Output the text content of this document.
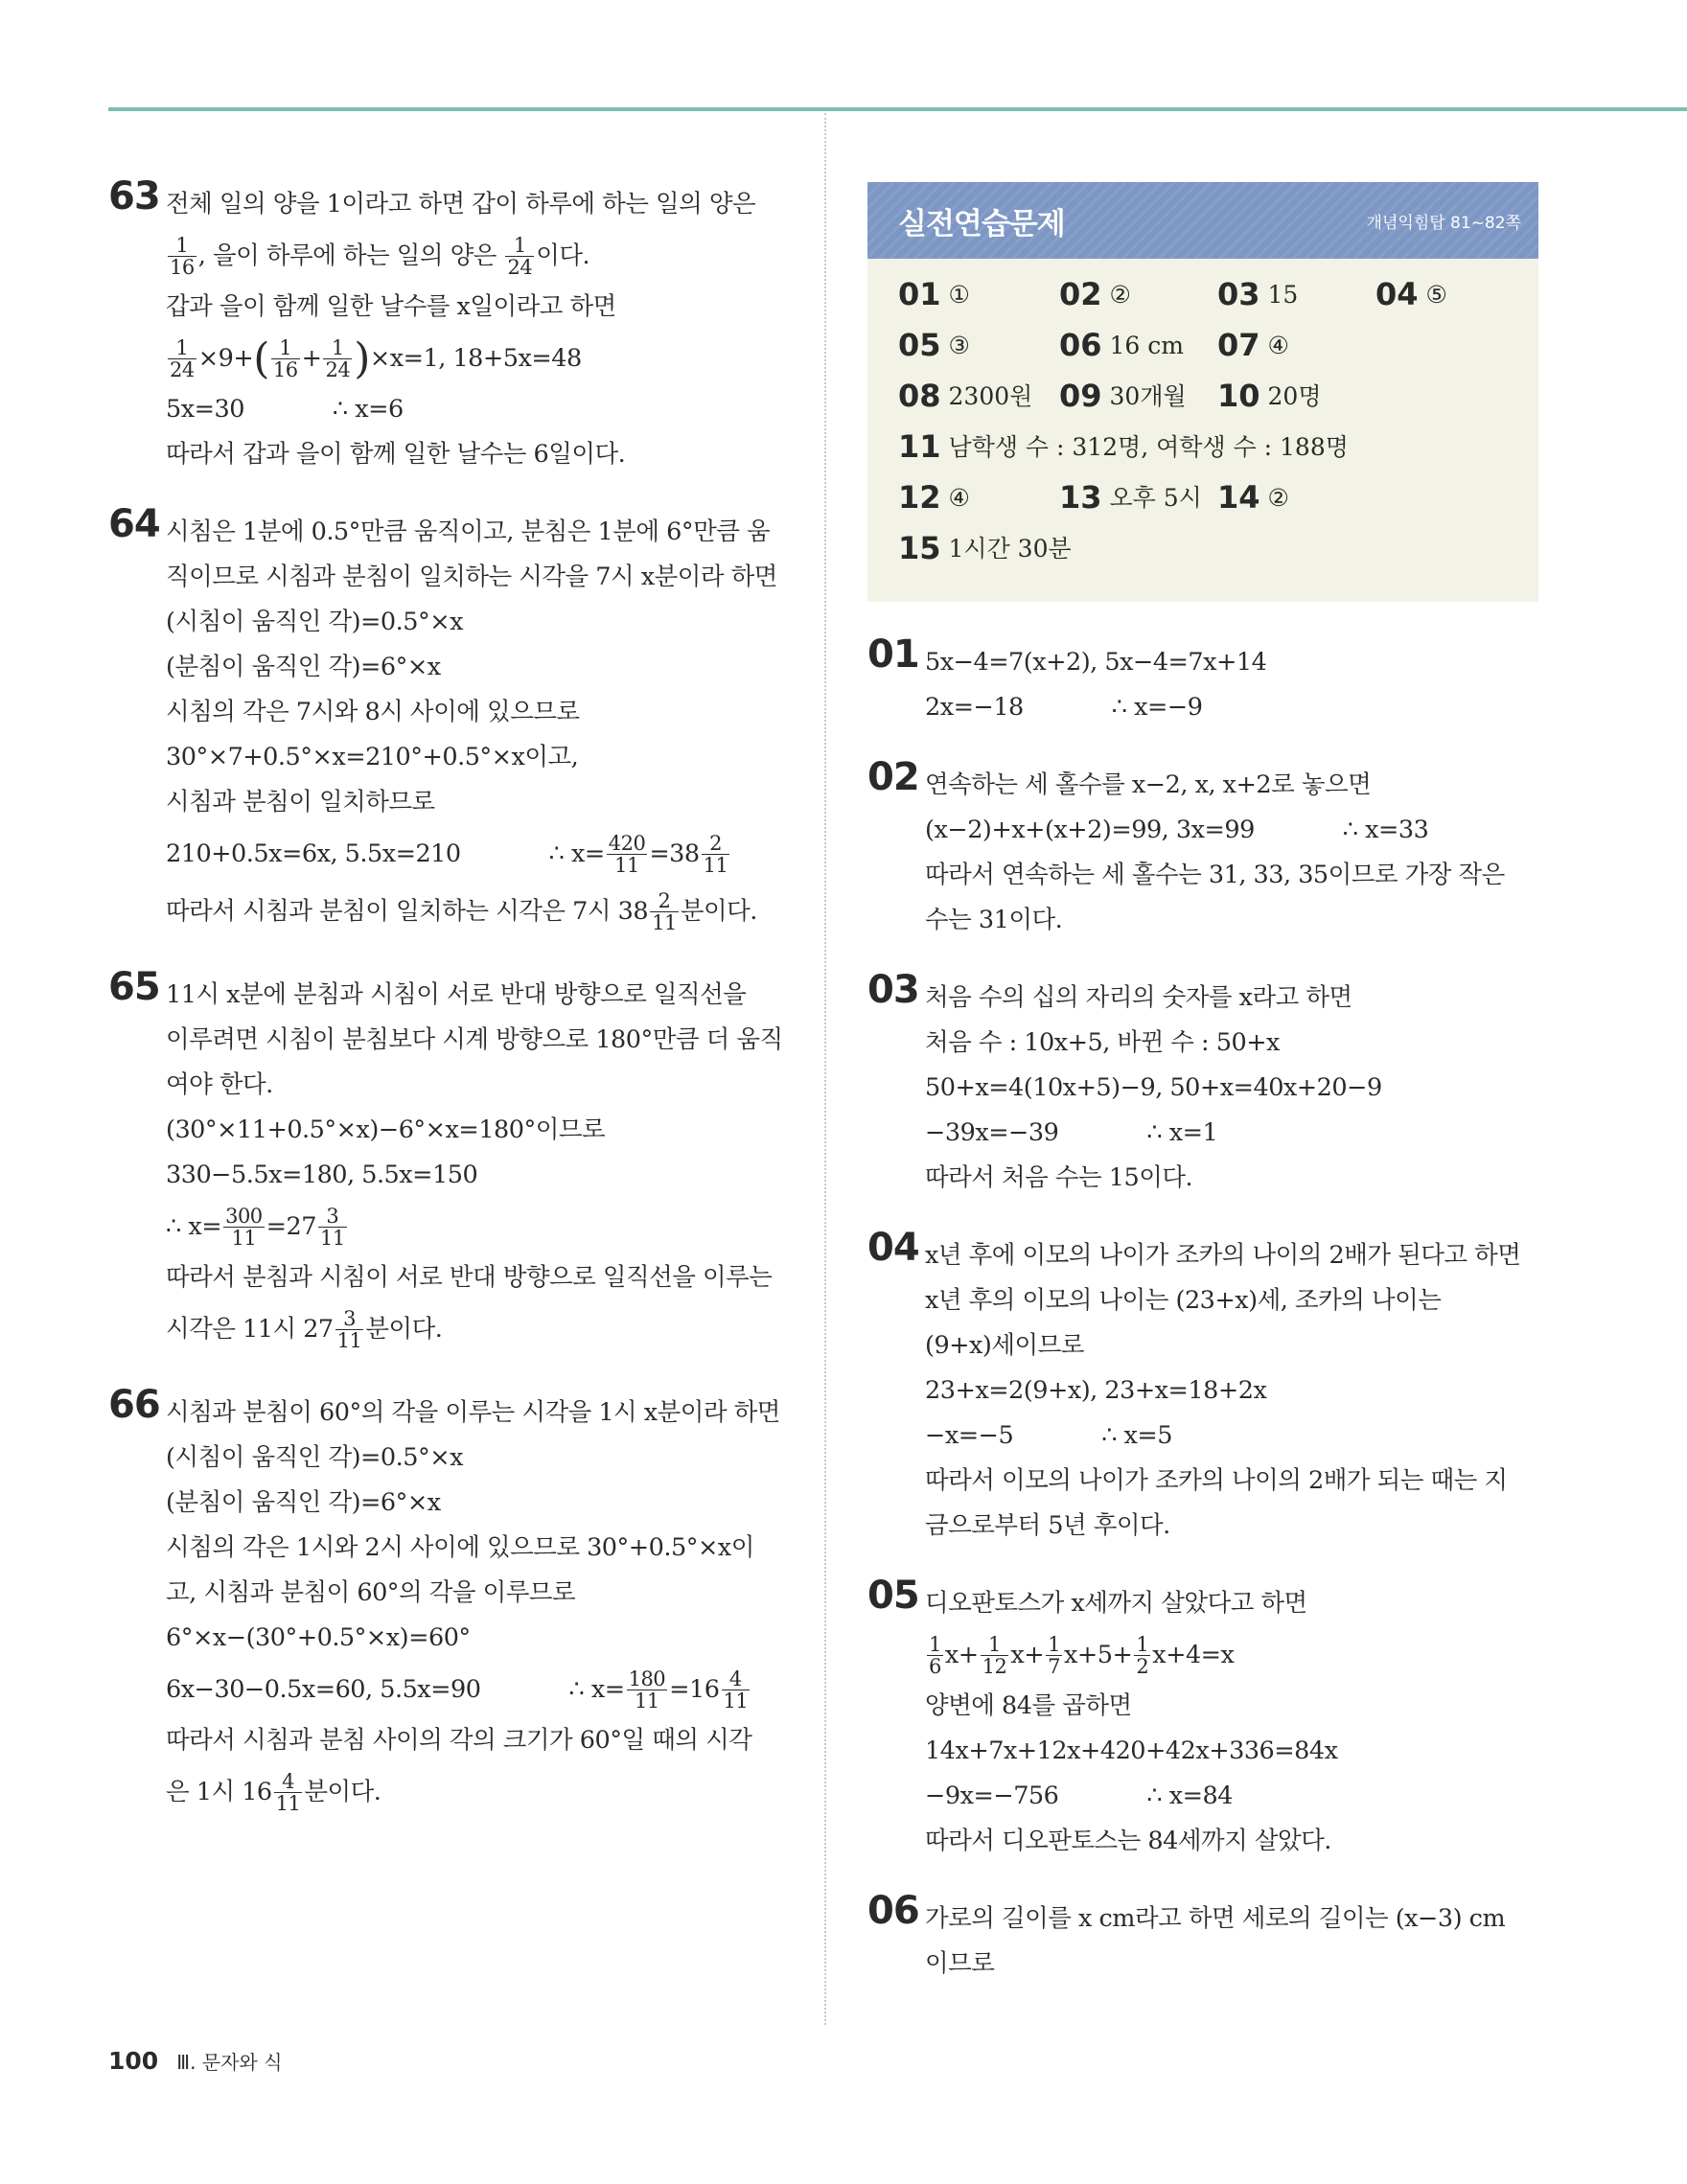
63 전체 일의 양을 1이라고 하면 갑이 하루에 하는 일의 양은
$\frac{1}{16}$ , 을이 하루에 하는 일의 양은 $\frac{1}{24}$ 이다.
갑과 을이 함께 일한 날수를 x일이라고 하면
$\frac{1}{24} \times 9+( \frac{1}{16} + \frac{1}{24} )\times x=1$, 18+5x=48
5x=30	∴ x=6
따라서 갑과 을이 함께 일한 날수는 6일이다.
64 시침은 1분에 0.5°만큼 움직이고, 분침은 1분에 6°만큼 움
직이므로 시침과 분침이 일치하는 시각을 7시 x분이라 하면
(시침이 움직인 각)=0.5°×x
(분침이 움직인 각)=6°×x
시침의 각은 7시와 8시 사이에 있으므로
30°×7+0.5°×x=210°+0.5°×x이고,
시침과 분침이 일치하므로
210+0.5x=6x, 5.5x=210	∴ $x= \frac{420}{11} =38 \frac{2}{11}$
따라서 시침과 분침이 일치하는 시각은 7시 $38 \frac{2}{11}$ 분이다.
65 11시 x분에 분침과 시침이 서로 반대 방향으로 일직선을
이루려면 시침이 분침보다 시계 방향으로 180°만큼 더 움직
여야 한다.
(30°×11+0.5°×x)−6°×x=180°이므로
330−5.5x=180, 5.5x=150
∴ $x= \frac{300}{11} =27 \frac{3}{11}$
따라서 분침과 시침이 서로 반대 방향으로 일직선을 이루는
시각은 11시 $27 \frac{3}{11}$ 분이다.
66 시침과 분침이 60°의 각을 이루는 시각을 1시 x분이라 하면
(시침이 움직인 각)=0.5°×x
(분침이 움직인 각)=6°×x
시침의 각은 1시와 2시 사이에 있으므로 30°+0.5°×x이
고, 시침과 분침이 60°의 각을 이루므로
6°×x−(30°+0.5°×x)=60°
6x−30−0.5x=60, 5.5x=90	∴ $x= \frac{180}{11} =16 \frac{4}{11}$
따라서 시침과 분침 사이의 각의 크기가 60°일 때의 시각
은 1시 $16 \frac{4}{11}$ 분이다.
실전연습문제	개념익힘탑 81~82쪽
01 ①	02 ②	03 15	04 ⑤
05 ③	06 16 cm 07 ④
08 2300원 09 30개월 10 20명
11 남학생 수 : 312명, 여학생 수 : 188명
12 ④	13 오후 5시 14 ②
15 1시간 30분
01 5x−4=7(x+2), 5x−4=7x+14
2x=−18	∴ x=−9
02 연속하는 세 홀수를 x−2, x, x+2로 놓으면
(x−2)+x+(x+2)=99, 3x=99	∴ x=33
따라서 연속하는 세 홀수는 31, 33, 35이므로 가장 작은
수는 31이다.
03 처음 수의 십의 자리의 숫자를 x라고 하면
처음 수 : 10x+5, 바뀐 수 : 50+x
50+x=4(10x+5)−9, 50+x=40x+20−9
−39x=−39	∴ x=1
따라서 처음 수는 15이다.
04 x년 후에 이모의 나이가 조카의 나이의 2배가 된다고 하면
x년 후의 이모의 나이는 (23+x)세, 조카의 나이는
(9+x)세이므로
23+x=2(9+x), 23+x=18+2x
−x=−5	∴ x=5
따라서 이모의 나이가 조카의 나이의 2배가 되는 때는 지
금으로부터 5년 후이다.
05 디오판토스가 x세까지 살았다고 하면
$\frac{1}{6} x+ \frac{1}{12} x+ \frac{1}{7} x+5+ \frac{1}{2} x+4=x$
양변에 84를 곱하면
14x+7x+12x+420+42x+336=84x
−9x=−756	∴ x=84
따라서 디오판토스는 84세까지 살았다.
06 가로의 길이를 x cm라고 하면 세로의 길이는 (x−3) cm
이므로
100 Ⅲ. 문자와 식
